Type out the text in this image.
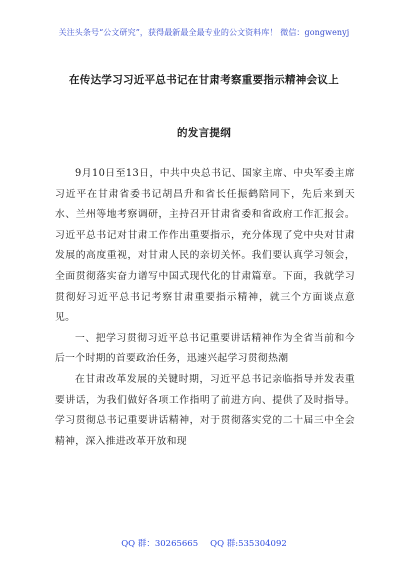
关注头条号“公文研究”，获得最新最全最专业的公文资料库！ 微信：gongwenyj
在传达学习习近平总书记在甘肃考察重要指示精神会议上
的发言提纲

9月10日至13日，中共中央总书记、国家主席、中央军委主席习近平在甘肃省委书记胡昌升和省长任振鹤陪同下，先后来到天水、兰州等地考察调研，主持召开甘肃省委和省政府工作汇报会。习近平总书记对甘肃工作作出重要指示，充分体现了党中央对甘肃发展的高度重视，对甘肃人民的亲切关怀。我们要认真学习领会，全面贯彻落实奋力谱写中国式现代化的甘肃篇章。下面，我就学习贯彻好习近平总书记考察甘肃重要指示精神，就三个方面谈点意见。

一、把学习贯彻习近平总书记重要讲话精神作为全省当前和今后一个时期的首要政治任务，迅速兴起学习贯彻热潮

在甘肃改革发展的关键时期，习近平总书记亲临指导并发表重要讲话，为我们做好各项工作指明了前进方向、提供了及时指导。学习贯彻总书记重要讲话精神，对于贯彻落实党的二十届三中全会精神，深入推进改革开放和现

QQ 群：30265665 QQ 群:535304092
